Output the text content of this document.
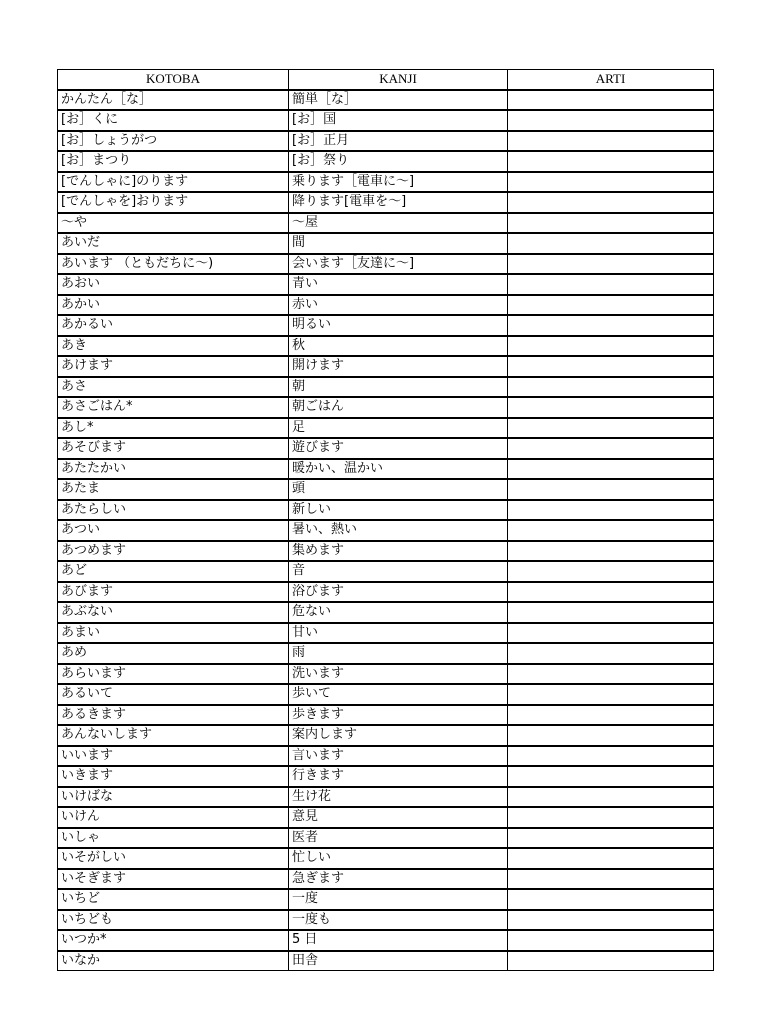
KOTOBA	KANJI	ARTI
かんたん［な］	簡単［な］	
[お］くに	[お］国	
[お］しょうがつ	[お］正月	
[お］まつり	[お］祭り	
[でんしゃに]のります	乗ります［電車に～]	
[でんしゃを]おります	降ります[電車を～]	
～や	～屋	
あいだ	間	
あいます （ともだちに～)	会います［友達に～]	
あおい	青い	
あかい	赤い	
あかるい	明るい	
あき	秋	
あけます	開けます	
あさ	朝	
あさごはん*	朝ごはん	
あし*	足	
あそびます	遊びます	
あたたかい	暖かい、温かい	
あたま	頭	
あたらしい	新しい	
あつい	暑い、熱い	
あつめます	集めます	
あど	音	
あびます	浴びます	
あぶない	危ない	
あまい	甘い	
あめ	雨	
あらいます	洗います	
あるいて	歩いて	
あるきます	歩きます	
あんないします	案内します	
いいます	言います	
いきます	行きます	
いけばな	生け花	
いけん	意見	
いしゃ	医者	
いそがしい	忙しい	
いそぎます	急ぎます	
いちど	一度	
いちども	一度も	
いつか*	5 日	
いなか	田舎	
